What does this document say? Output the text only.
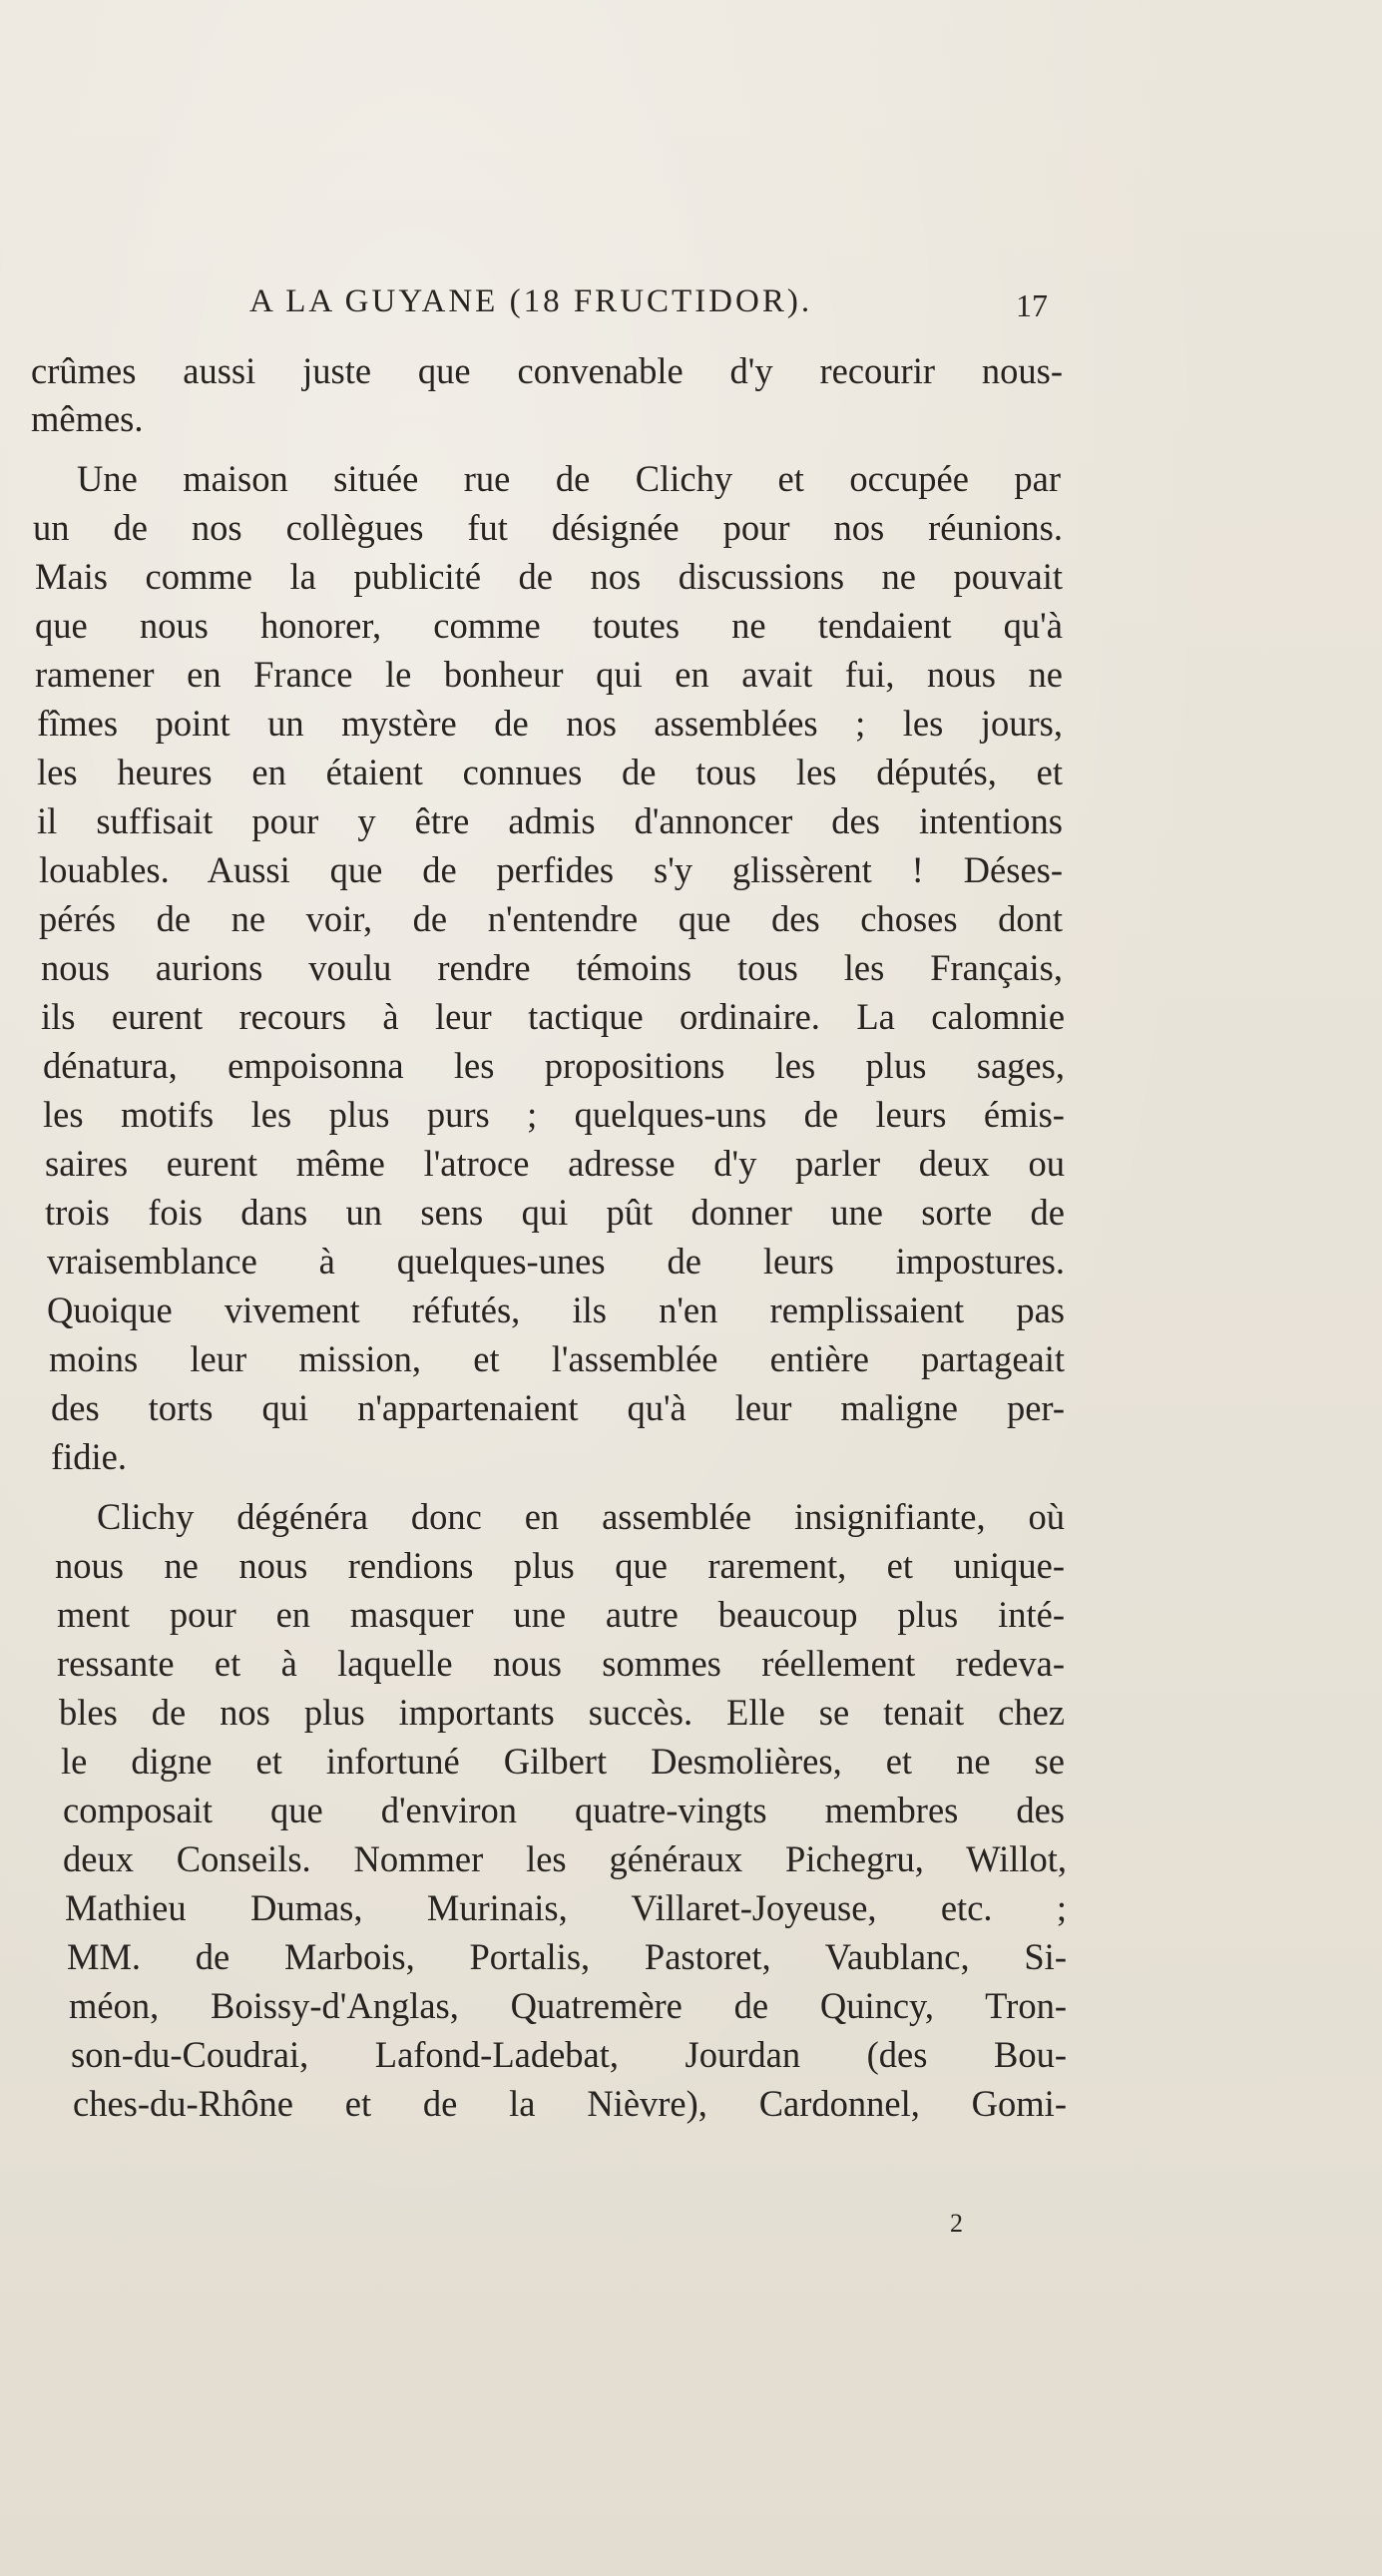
A LA GUYANE (18 FRUCTIDOR).	17
crûmes aussi juste que convenable d'y recourir nous-
mêmes.
Une maison située rue de Clichy et occupée par
un de nos collègues fut désignée pour nos réunions.
Mais comme la publicité de nos discussions ne pouvait
que nous honorer, comme toutes ne tendaient qu'à
ramener en France le bonheur qui en avait fui, nous ne
fîmes point un mystère de nos assemblées ; les jours,
les heures en étaient connues de tous les députés, et
il suffisait pour y être admis d'annoncer des intentions
louables. Aussi que de perfides s'y glissèrent ! Déses-
pérés de ne voir, de n'entendre que des choses dont
nous aurions voulu rendre témoins tous les Français,
ils eurent recours à leur tactique ordinaire. La calomnie
dénatura, empoisonna les propositions les plus sages,
les motifs les plus purs ; quelques-uns de leurs émis-
saires eurent même l'atroce adresse d'y parler deux ou
trois fois dans un sens qui pût donner une sorte de
vraisemblance à quelques-unes de leurs impostures.
Quoique vivement réfutés, ils n'en remplissaient pas
moins leur mission, et l'assemblée entière partageait
des torts qui n'appartenaient qu'à leur maligne per-
fidie.
Clichy dégénéra donc en assemblée insignifiante, où
nous ne nous rendions plus que rarement, et unique-
ment pour en masquer une autre beaucoup plus inté-
ressante et à laquelle nous sommes réellement redeva-
bles de nos plus importants succès. Elle se tenait chez
le digne et infortuné Gilbert Desmolières, et ne se
composait que d'environ quatre-vingts membres des
deux Conseils. Nommer les généraux Pichegru, Willot,
Mathieu Dumas, Murinais, Villaret-Joyeuse, etc. ;
MM. de Marbois, Portalis, Pastoret, Vaublanc, Si-
méon, Boissy-d'Anglas, Quatremère de Quincy, Tron-
son-du-Coudrai, Lafond-Ladebat, Jourdan (des Bou-
ches-du-Rhône et de la Nièvre), Cardonnel, Gomi-
2
